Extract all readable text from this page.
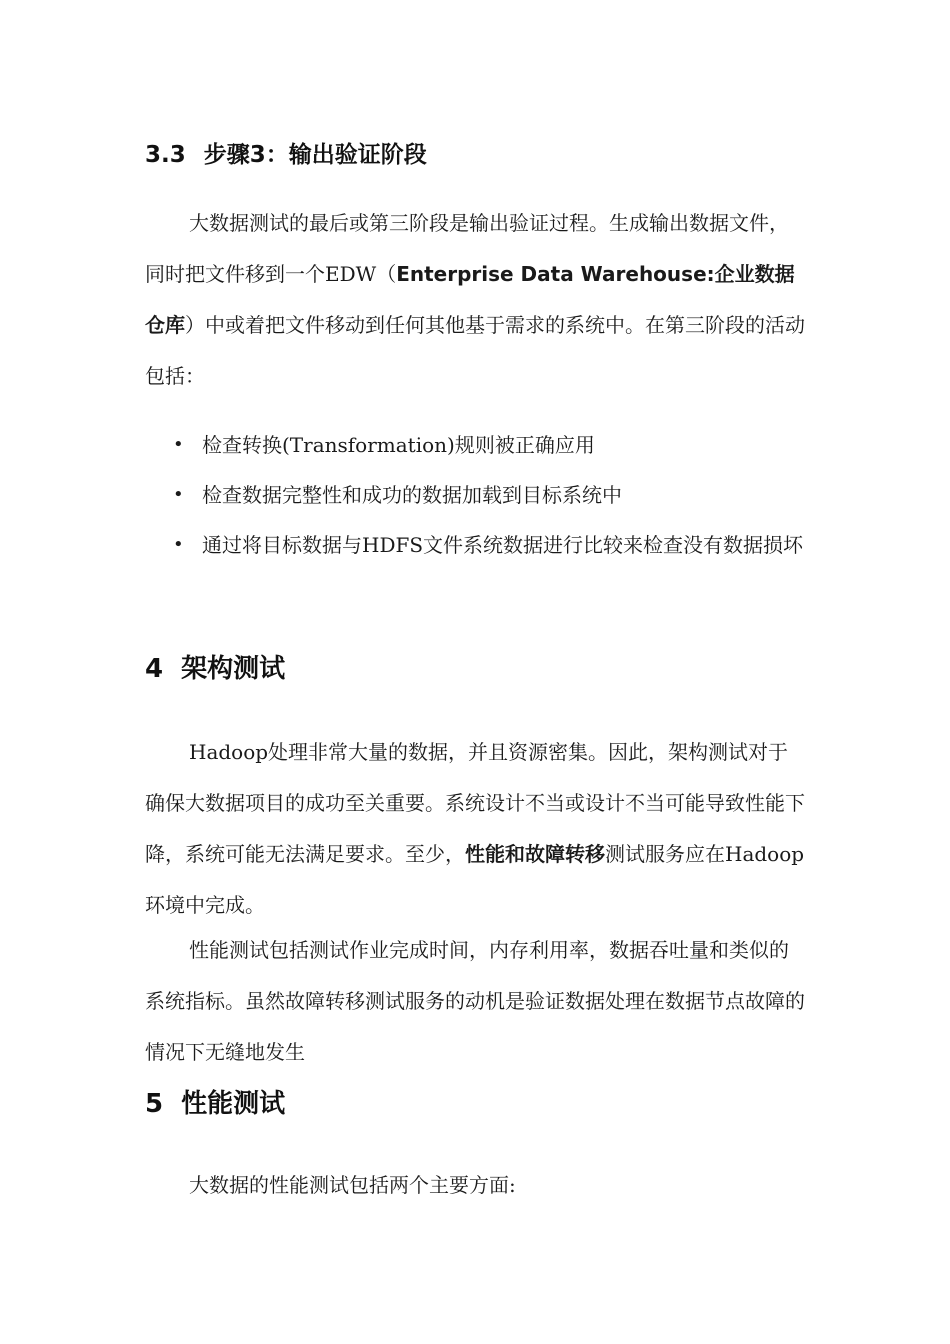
3.3 步骤3：输出验证阶段

大数据测试的最后或第三阶段是输出验证过程。生成输出数据文件，同时把文件移到一个EDW（Enterprise Data Warehouse:企业数据仓库）中或着把文件移动到任何其他基于需求的系统中。在第三阶段的活动包括：

• 检查转换(Transformation)规则被正确应用
• 检查数据完整性和成功的数据加载到目标系统中
• 通过将目标数据与HDFS文件系统数据进行比较来检查没有数据损坏
4 架构测试

Hadoop处理非常大量的数据，并且资源密集。因此，架构测试对于确保大数据项目的成功至关重要。系统设计不当或设计不当可能导致性能下降，系统可能无法满足要求。至少，性能和故障转移测试服务应在Hadoop环境中完成。

性能测试包括测试作业完成时间，内存利用率，数据吞吐量和类似的系统指标。虽然故障转移测试服务的动机是验证数据处理在数据节点故障的情况下无缝地发生

5 性能测试

大数据的性能测试包括两个主要方面:
